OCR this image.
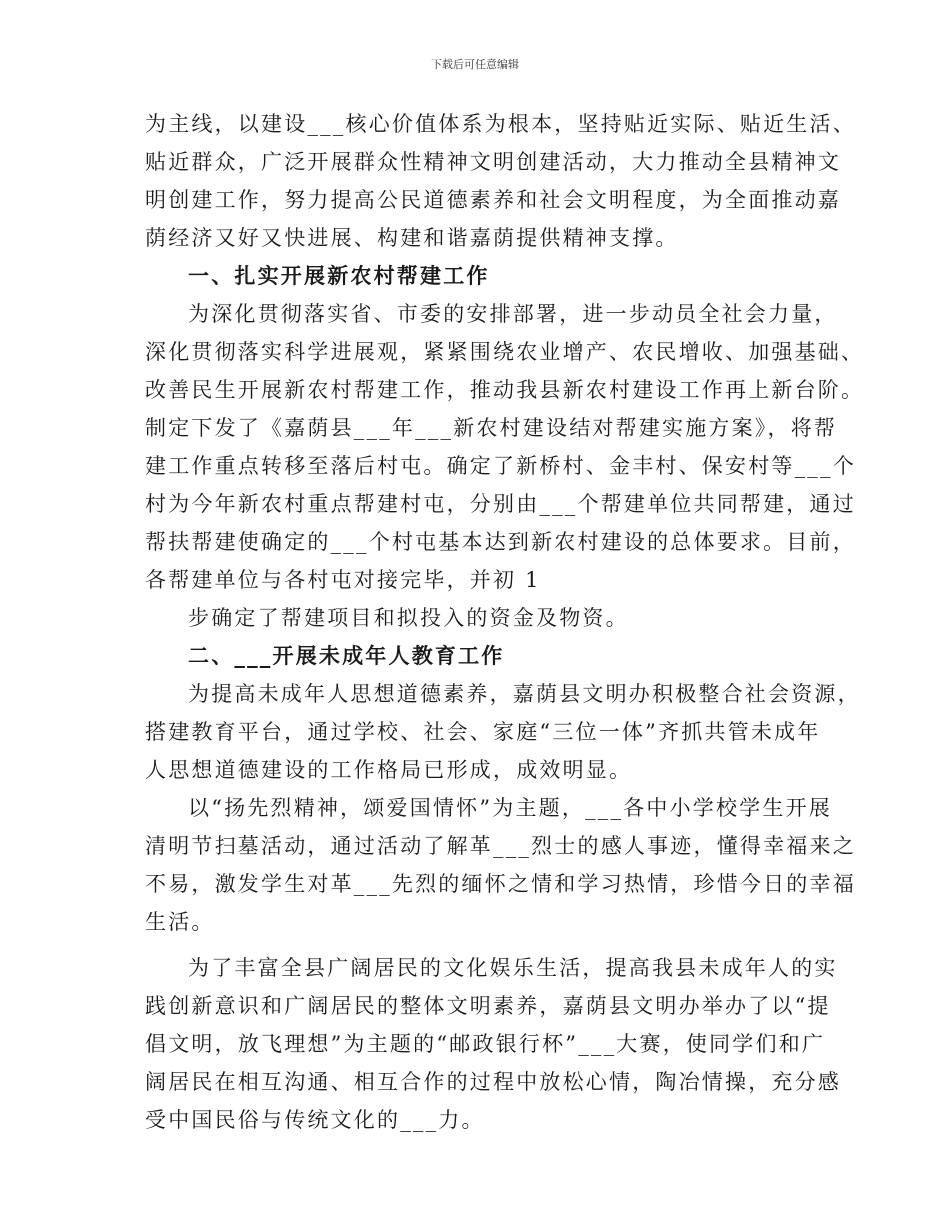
下载后可任意编辑

为主线，以建设___核心价值体系为根本，坚持贴近实际、贴近生活、

贴近群众，广泛开展群众性精神文明创建活动，大力推动全县精神文

明创建工作，努力提高公民道德素养和社会文明程度，为全面推动嘉

荫经济又好又快进展、构建和谐嘉荫提供精神支撑。

一、扎实开展新农村帮建工作

为深化贯彻落实省、市委的安排部署，进一步动员全社会力量，

深化贯彻落实科学进展观，紧紧围绕农业增产、农民增收、加强基础、

改善民生开展新农村帮建工作，推动我县新农村建设工作再上新台阶。

制定下发了《嘉荫县___年___新农村建设结对帮建实施方案》，将帮

建工作重点转移至落后村屯。确定了新桥村、金丰村、保安村等___个

村为今年新农村重点帮建村屯，分别由___个帮建单位共同帮建，通过

帮扶帮建使确定的___个村屯基本达到新农村建设的总体要求。目前，

各帮建单位与各村屯对接完毕，并初 1

步确定了帮建项目和拟投入的资金及物资。

二、___开展未成年人教育工作

为提高未成年人思想道德素养，嘉荫县文明办积极整合社会资源，

搭建教育平台，通过学校、社会、家庭“三位一体”齐抓共管未成年

人思想道德建设的工作格局已形成，成效明显。

以“扬先烈精神，颂爱国情怀”为主题，___各中小学校学生开展

清明节扫墓活动，通过活动了解革___烈士的感人事迹，懂得幸福来之

不易，激发学生对革___先烈的缅怀之情和学习热情，珍惜今日的幸福

生活。

为了丰富全县广阔居民的文化娱乐生活，提高我县未成年人的实

践创新意识和广阔居民的整体文明素养，嘉荫县文明办举办了以“提

倡文明，放飞理想”为主题的“邮政银行杯”___大赛，使同学们和广

阔居民在相互沟通、相互合作的过程中放松心情，陶冶情操，充分感

受中国民俗与传统文化的___力。
